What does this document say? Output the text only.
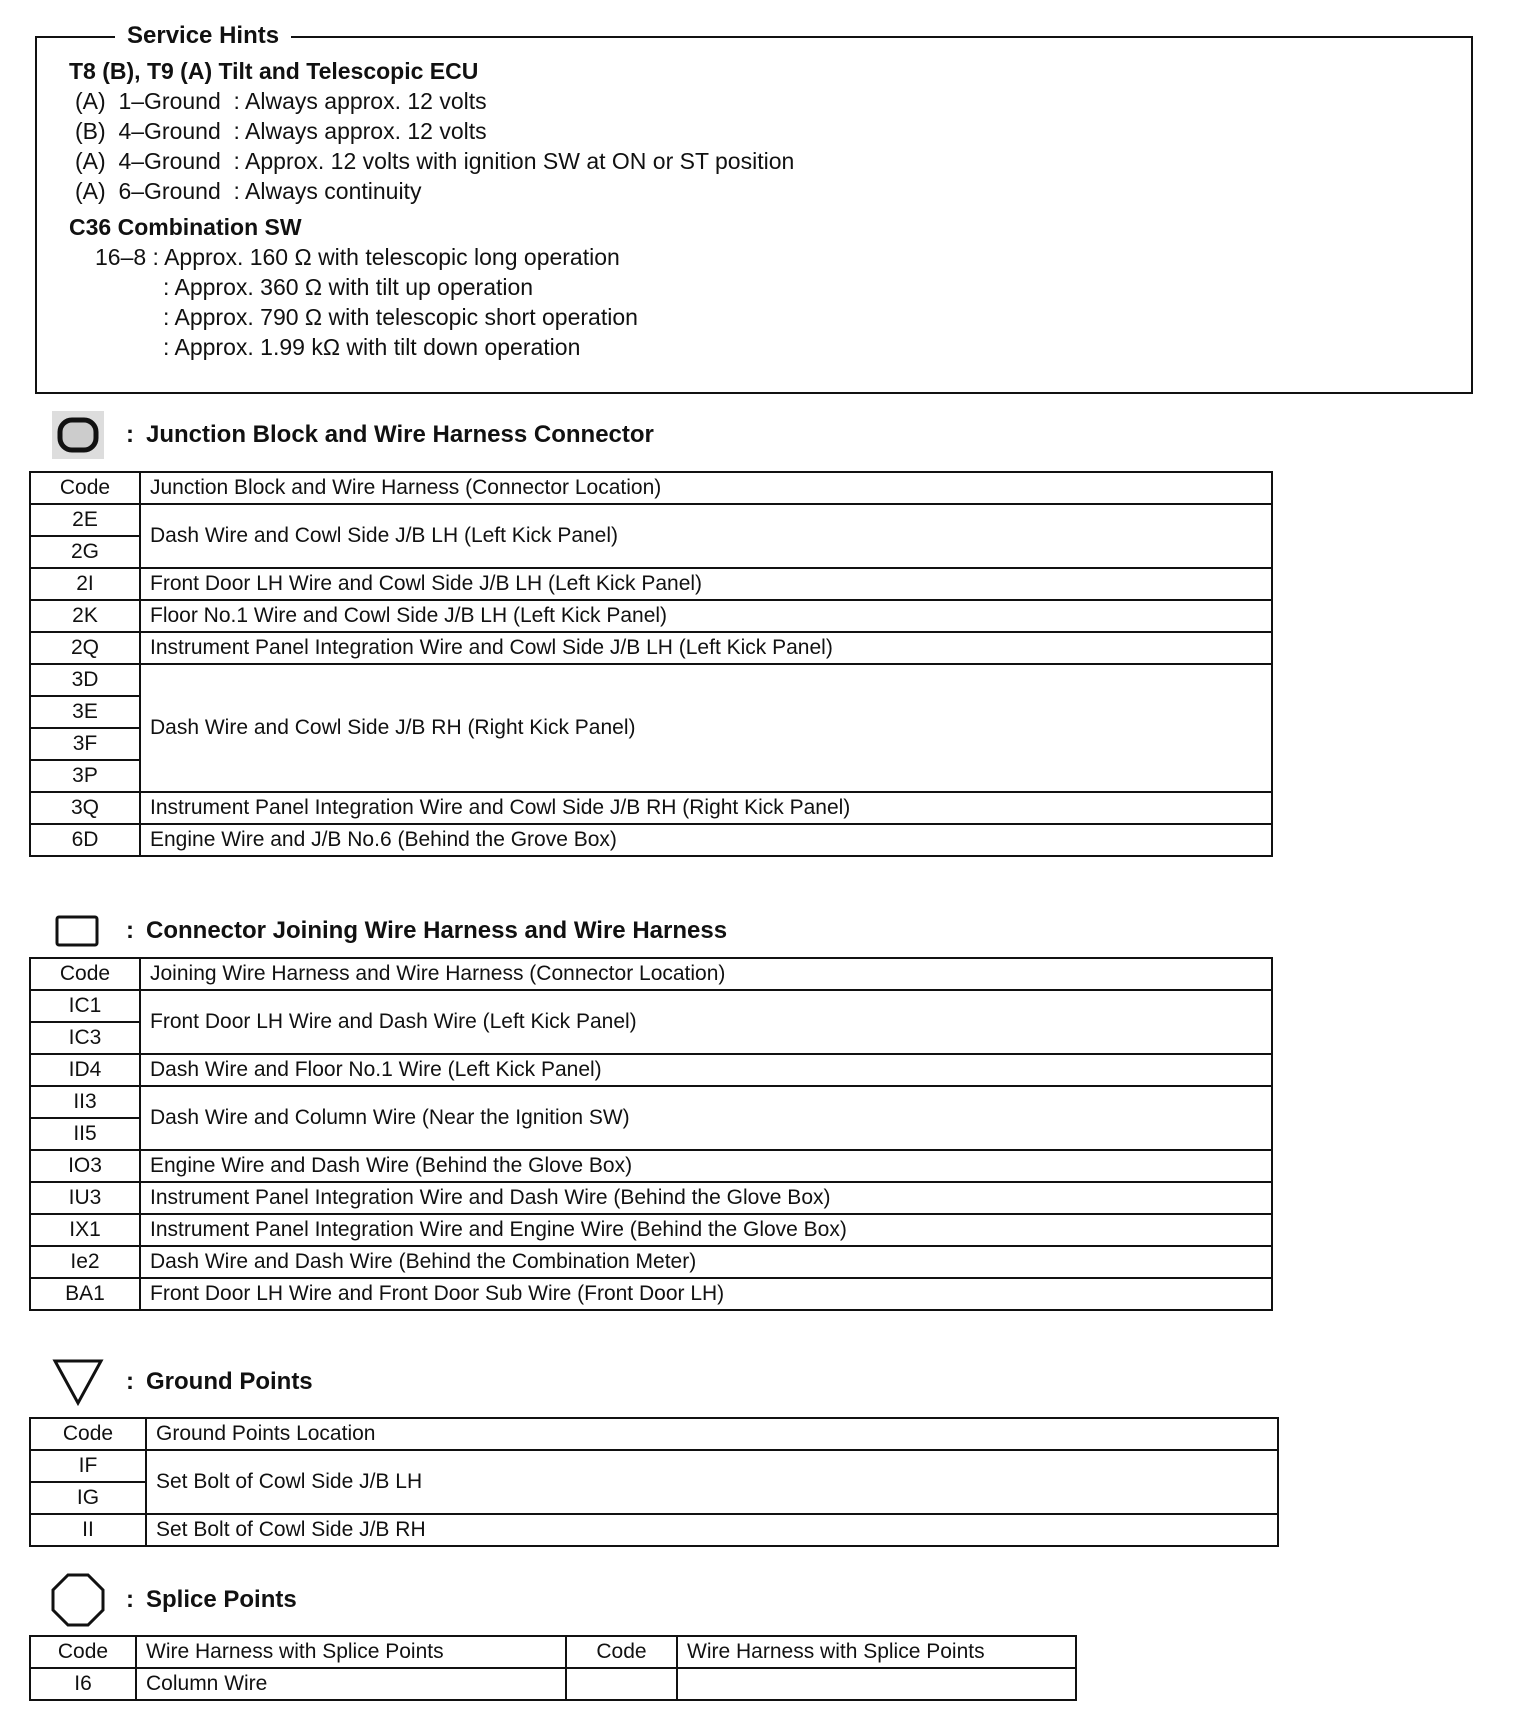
Service Hints
T8 (B), T9 (A) Tilt and Telescopic ECU
(A)  1–Ground  : Always approx. 12 volts
(B)  4–Ground  : Always approx. 12 volts
(A)  4–Ground  : Approx. 12 volts with ignition SW at ON or ST position
(A)  6–Ground  : Always continuity
C36 Combination SW
16–8 : Approx. 160 Ω with telescopic long operation
: Approx. 360 Ω with tilt up operation
: Approx. 790 Ω with telescopic short operation
: Approx. 1.99 kΩ with tilt down operation
: Junction Block and Wire Harness Connector
Code	Junction Block and Wire Harness (Connector Location)
2E	Dash Wire and Cowl Side J/B LH (Left Kick Panel)
2G	
2I	Front Door LH Wire and Cowl Side J/B LH (Left Kick Panel)
2K	Floor No.1 Wire and Cowl Side J/B LH (Left Kick Panel)
2Q	Instrument Panel Integration Wire and Cowl Side J/B LH (Left Kick Panel)
3D	Dash Wire and Cowl Side J/B RH (Right Kick Panel)
3E	
3F	
3P	
3Q	Instrument Panel Integration Wire and Cowl Side J/B RH (Right Kick Panel)
6D	Engine Wire and J/B No.6 (Behind the Grove Box)
: Connector Joining Wire Harness and Wire Harness
Code	Joining Wire Harness and Wire Harness (Connector Location)
IC1	Front Door LH Wire and Dash Wire (Left Kick Panel)
IC3	
ID4	Dash Wire and Floor No.1 Wire (Left Kick Panel)
II3	Dash Wire and Column Wire (Near the Ignition SW)
II5	
IO3	Engine Wire and Dash Wire (Behind the Glove Box)
IU3	Instrument Panel Integration Wire and Dash Wire (Behind the Glove Box)
IX1	Instrument Panel Integration Wire and Engine Wire (Behind the Glove Box)
Ie2	Dash Wire and Dash Wire (Behind the Combination Meter)
BA1	Front Door LH Wire and Front Door Sub Wire (Front Door LH)
: Ground Points
Code	Ground Points Location
IF	Set Bolt of Cowl Side J/B LH
IG	
II	Set Bolt of Cowl Side J/B RH
: Splice Points
Code	Wire Harness with Splice Points	Code	Wire Harness with Splice Points
I6	Column Wire		
